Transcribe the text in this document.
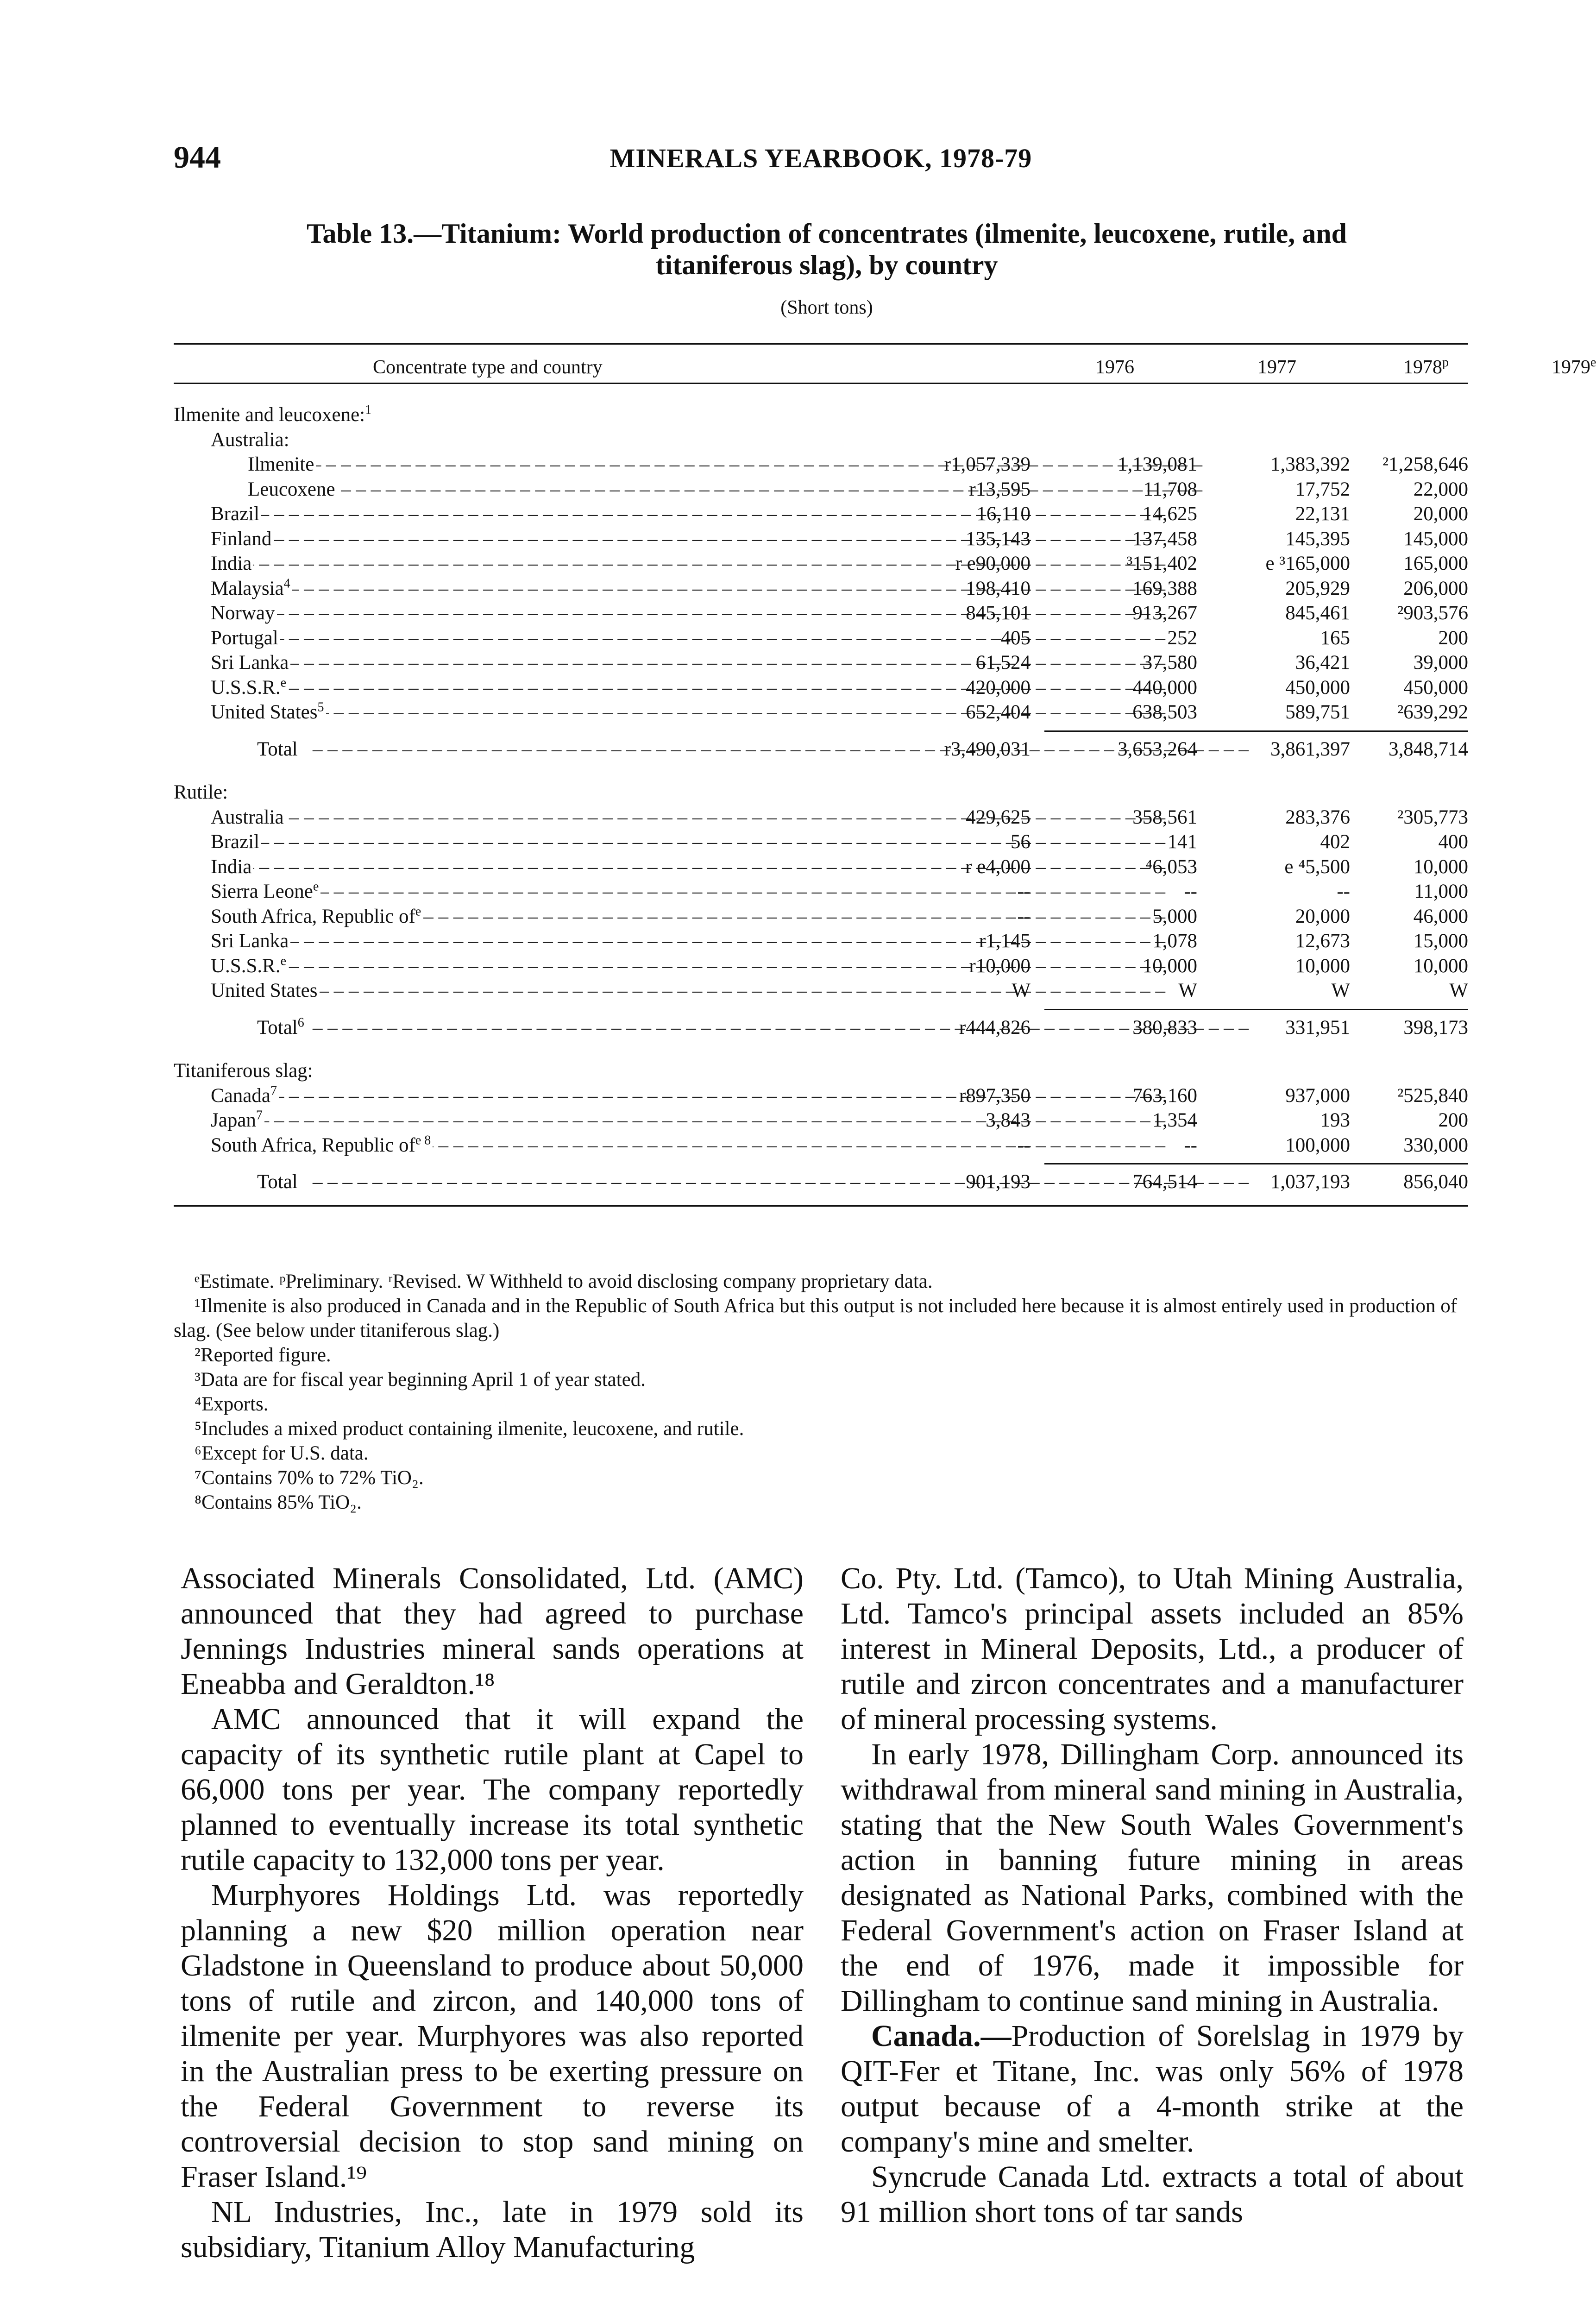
944	MINERALS YEARBOOK, 1978-79
Table 13.—Titanium: World production of concentrates (ilmenite, leucoxene, rutile, and
titaniferous slag), by country
(Short tons)
Concentrate type and country	1976	1977	1978$^p$	1979e
Ilmenite and leucoxene:$^1$
Australia:
Ilmenite – – –	r1,057,339	1,139,081	1,383,392	²1,258,646
Leucoxene – – –	r13,595	11,708	17,752	22,000
Brazil – – –	16,110	14,625	22,131	20,000
Finland – – –	135,143	137,458	145,395	145,000
India – – –	r e90,000	³151,402	e ³165,000	165,000
Malaysia$^4$ – – –	198,410	169,388	205,929	206,000
Norway – – –	845,101	913,267	845,461	²903,576
Portugal – – –	405	252	165	200
Sri Lanka – – –	61,524	37,580	36,421	39,000
U.S.S.R.$^e$ – – –	420,000	440,000	450,000	450,000
United States$^5$ – – –	652,404	638,503	589,751	²639,292
Total – – –	r3,490,031	3,653,264	3,861,397	3,848,714
Rutile:
Australia – – –	429,625	358,561	283,376	²305,773
Brazil – – –	56	141	402	400
India – – –	r e4,000	⁴6,053	e ⁴5,500	10,000
Sierra Leone$^e$ – – –	--	--	--	11,000
South Africa, Republic $of^e$ – – –	--	5,000	20,000	46,000
Sri Lanka – – –	r1,145	1,078	12,673	15,000
U.S.S.R.$^e$ – – –	r10,000	10,000	10,000	10,000
United States – – –	W	W	W	W
Total$^6$ – – –	r444,826	380,833	331,951	398,173
Titaniferous slag:
Canada$^7$ – – –	r897,350	763,160	937,000	²525,840
Japan$^7$ – – –	3,843	1,354	193	200
South Africa, Republic $of^{e 8}$ – – –	--	--	100,000	330,000
Total – – –	901,193	764,514	1,037,193	856,040

ᵉEstimate. ᵖPreliminary. ʳRevised. W Withheld to avoid disclosing company proprietary data.

¹Ilmenite is also produced in Canada and in the Republic of South Africa but this output is not included here because it is almost entirely used in production of slag. (See below under titaniferous slag.)

²Reported figure.

³Data are for fiscal year beginning April 1 of year stated.

⁴Exports.

⁵Includes a mixed product containing ilmenite, leucoxene, and rutile.

⁶Except for U.S. data.

⁷Contains 70% to 72% TiO₂.

⁸Contains 85% TiO₂.

Associated Minerals Consolidated, Ltd. (AMC) announced that they had agreed to purchase Jennings Industries mineral sands operations at Eneabba and Geraldton.¹⁸

AMC announced that it will expand the capacity of its synthetic rutile plant at Capel to 66,000 tons per year. The company reportedly planned to eventually increase its total synthetic rutile capacity to 132,000 tons per year.

Murphyores Holdings Ltd. was reportedly planning a new $20 million operation near Gladstone in Queensland to produce about 50,000 tons of rutile and zircon, and 140,000 tons of ilmenite per year. Murphyores was also reported in the Australian press to be exerting pressure on the Federal Government to reverse its controversial decision to stop sand mining on Fraser Island.¹⁹

NL Industries, Inc., late in 1979 sold its subsidiary, Titanium Alloy Manufacturing

Co. Pty. Ltd. (Tamco), to Utah Mining Australia, Ltd. Tamco's principal assets included an 85% interest in Mineral Deposits, Ltd., a producer of rutile and zircon concentrates and a manufacturer of mineral processing systems.

In early 1978, Dillingham Corp. announced its withdrawal from mineral sand mining in Australia, stating that the New South Wales Government's action in banning future mining in areas designated as National Parks, combined with the Federal Government's action on Fraser Island at the end of 1976, made it impossible for Dillingham to continue sand mining in Australia.

Canada.—Production of Sorelslag in 1979 by QIT-Fer et Titane, Inc. was only 56% of 1978 output because of a 4-month strike at the company's mine and smelter.

Syncrude Canada Ltd. extracts a total of about 91 million short tons of tar sands
